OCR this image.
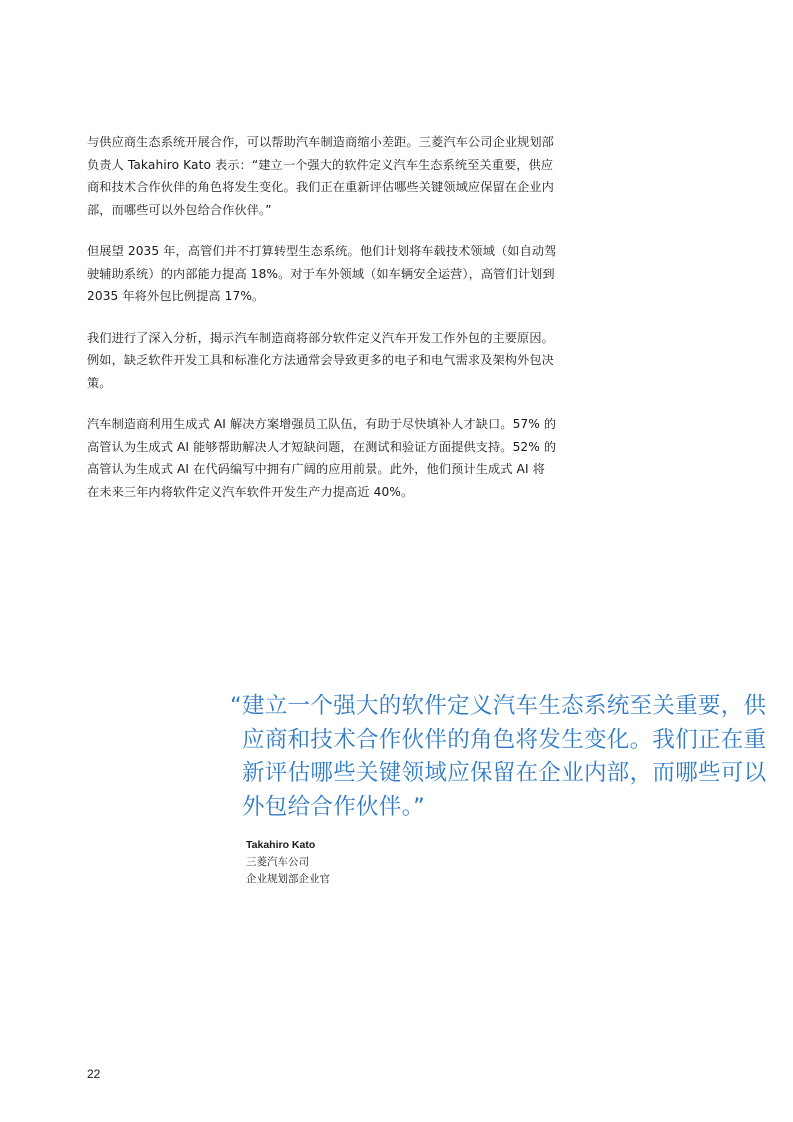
与供应商生态系统开展合作，可以帮助汽车制造商缩小差距。三菱汽车公司企业规划部负责人 Takahiro Kato 表示：“建立一个强大的软件定义汽车生态系统至关重要，供应商和技术合作伙伴的角色将发生变化。我们正在重新评估哪些关键领域应保留在企业内部，而哪些可以外包给合作伙伴。”

但展望 2035 年，高管们并不打算转型生态系统。他们计划将车载技术领域（如自动驾驶辅助系统）的内部能力提高 18%。对于车外领域（如车辆安全运营），高管们计划到 2035 年将外包比例提高 17%。

我们进行了深入分析，揭示汽车制造商将部分软件定义汽车开发工作外包的主要原因。例如，缺乏软件开发工具和标准化方法通常会导致更多的电子和电气需求及架构外包决策。

汽车制造商利用生成式 AI 解决方案增强员工队伍，有助于尽快填补人才缺口。57% 的高管认为生成式 AI 能够帮助解决人才短缺问题，在测试和验证方面提供支持。52% 的高管认为生成式 AI 在代码编写中拥有广阔的应用前景。此外，他们预计生成式 AI 将在未来三年内将软件定义汽车软件开发生产力提高近 40%。

“建立一个强大的软件定义汽车生态系统至关重要，供应商和技术合作伙伴的角色将发生变化。我们正在重新评估哪些关键领域应保留在企业内部，而哪些可以外包给合作伙伴。”

Takahiro Kato
三菱汽车公司
企业规划部企业官
22
